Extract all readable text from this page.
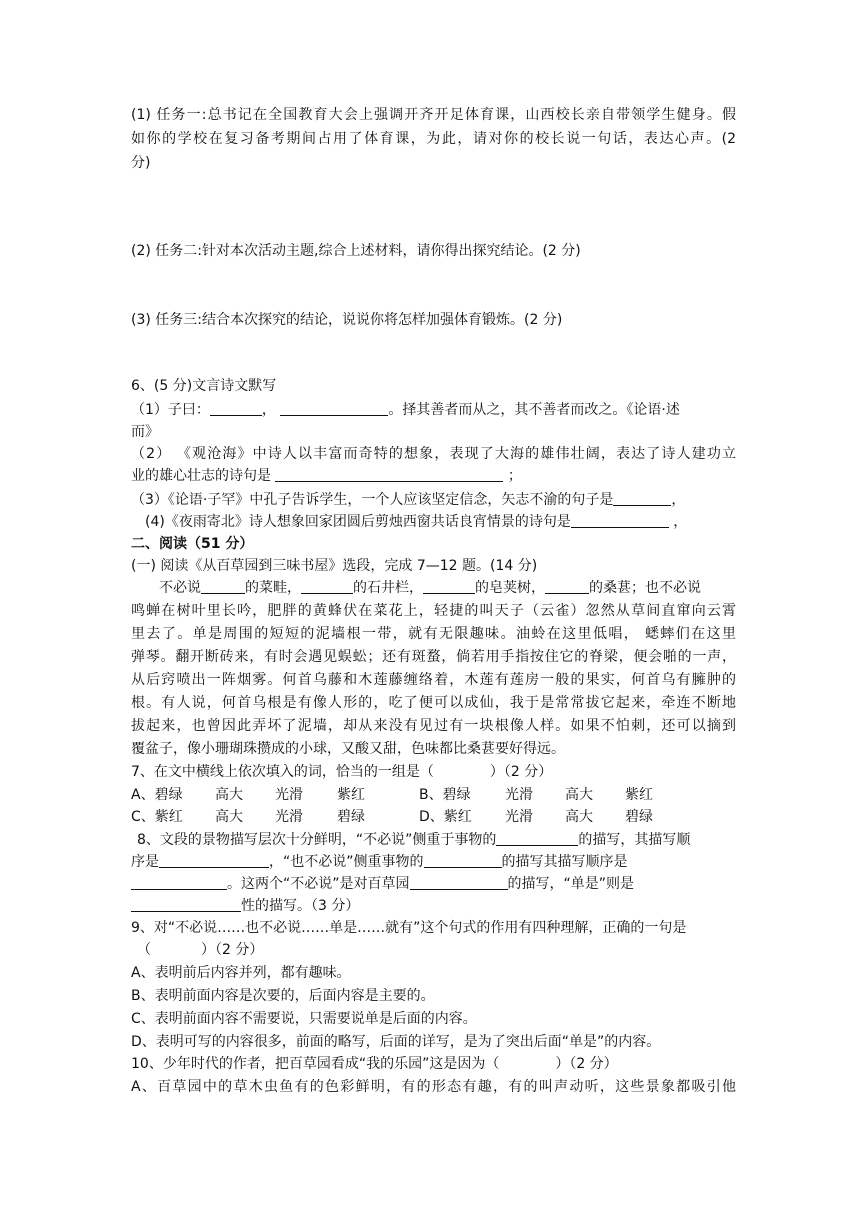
(1) 任务一:总书记在全国教育大会上强调开齐开足体育课，山西校长亲自带领学生健身。假

如你的学校在复习备考期间占用了体育课，为此，请对你的校长说一句话，表达心声。(2

分)

(2) 任务二:针对本次活动主题,综合上述材料，请你得出探究结论。(2 分)

(3) 任务三:结合本次探究的结论，说说你将怎样加强体育锻炼。(2 分)

6、(5 分)文言诗文默写

（1）子曰：	，	。择其善者而从之，其不善者而改之。《论语·述

而》

（2） 《观沧海》中诗人以丰富而奇特的想象，表现了大海的雄伟壮阔，表达了诗人建功立

业的雄心壮志的诗句是	；

（3）《论语·子罕》中孔子告诉学生，一个人应该坚定信念，矢志不渝的句子是	，

(4)《夜雨寄北》诗人想象回家团圆后剪烛西窗共话良宵情景的诗句是	，

二、阅读（51 分）

(一) 阅读《从百草园到三味书屋》选段，完成 7—12 题。(14 分)

不必说	的菜畦，	的石井栏，	的皂荚树，	的桑葚；也不必说

鸣蝉在树叶里长吟，肥胖的黄蜂伏在菜花上，轻捷的叫天子（云雀）忽然从草间直窜向云霄

里去了。单是周围的短短的泥墙根一带，就有无限趣味。油蛉在这里低唱， 蟋蟀们在这里

弹琴。翻开断砖来，有时会遇见蜈蚣；还有斑蝥，倘若用手指按住它的脊梁，便会啪的一声，

从后窍喷出一阵烟雾。何首乌藤和木莲藤缠络着，木莲有莲房一般的果实，何首乌有臃肿的

根。有人说，何首乌根是有像人形的，吃了便可以成仙，我于是常常拔它起来，牵连不断地

拔起来，也曾因此弄坏了泥墙，却从来没有见过有一块根像人样。如果不怕刺，还可以摘到

覆盆子，像小珊瑚珠攒成的小球，又酸又甜，色味都比桑葚要好得远。

7、在文中横线上依次填入的词，恰当的一组是（	）（2 分）

A、碧绿 高大 光滑 紫红	B、碧绿 光滑 高大 紫红
C、紫红 高大 光滑 碧绿	D、紫红 光滑 高大 碧绿

8、文段的景物描写层次十分鲜明，“不必说”侧重于事物的	的描写，其描写顺

序是	，“也不必说”侧重事物的	的描写其描写顺序是

。这两个“不必说”是对百草园	的描写，“单是”则是

性的描写。（3 分）

9、对“不必说……也不必说……单是……就有”这个句式的作用有四种理解，正确的一句是

（	）（2 分）

A、表明前后内容并列，都有趣味。

B、表明前面内容是次要的，后面内容是主要的。

C、表明前面内容不需要说，只需要说单是后面的内容。

D、表明可写的内容很多，前面的略写，后面的详写，是为了突出后面“单是”的内容。

10、少年时代的作者，把百草园看成“我的乐园”这是因为（	）（2 分）

A、百草园中的草木虫鱼有的色彩鲜明，有的形态有趣，有的叫声动听，这些景象都吸引他
